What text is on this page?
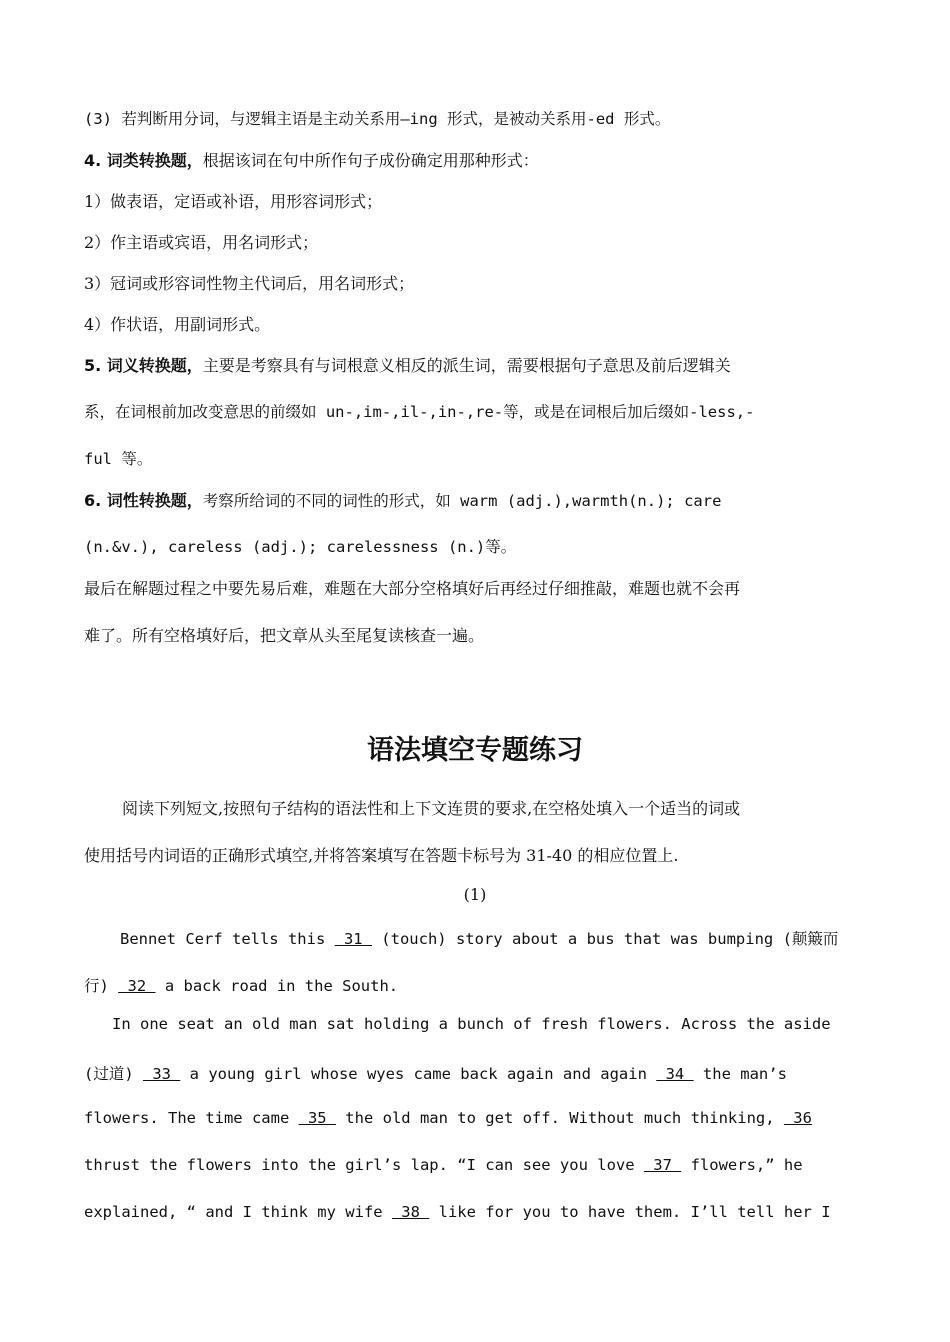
(3) 若判断用分词，与逻辑主语是主动关系用—ing 形式，是被动关系用-ed 形式。
4. 词类转换题，根据该词在句中所作句子成份确定用那种形式：
1）做表语，定语或补语，用形容词形式；
2）作主语或宾语，用名词形式；
3）冠词或形容词性物主代词后，用名词形式；
4）作状语，用副词形式。
5. 词义转换题，主要是考察具有与词根意义相反的派生词，需要根据句子意思及前后逻辑关
系，在词根前加改变意思的前缀如 un-,im-,il-,in-,re-等，或是在词根后加后缀如-less,-
ful 等。
6. 词性转换题，考察所给词的不同的词性的形式，如 warm (adj.),warmth(n.); care
(n.&v.), careless (adj.); carelessness (n.)等。
最后在解题过程之中要先易后难，难题在大部分空格填好后再经过仔细推敲，难题也就不会再
难了。所有空格填好后，把文章从头至尾复读核查一遍。
语法填空专题练习
阅读下列短文,按照句子结构的语法性和上下文连贯的要求,在空格处填入一个适当的词或
使用括号内词语的正确形式填空,并将答案填写在答题卡标号为 31-40 的相应位置上.
(1)
Bennet Cerf tells this  31  (touch) story about a bus that was bumping (颠簸而
行)  32  a back road in the South.
In one seat an old man sat holding a bunch of fresh flowers. Across the aside
(过道)  33  a young girl whose wyes came back again and again  34  the man’s
flowers. The time came  35  the old man to get off. Without much thinking,  36
thrust the flowers into the girl’s lap. “I can see you love  37  flowers,” he
explained, “ and I think my wife  38  like for you to have them. I’ll tell her I
